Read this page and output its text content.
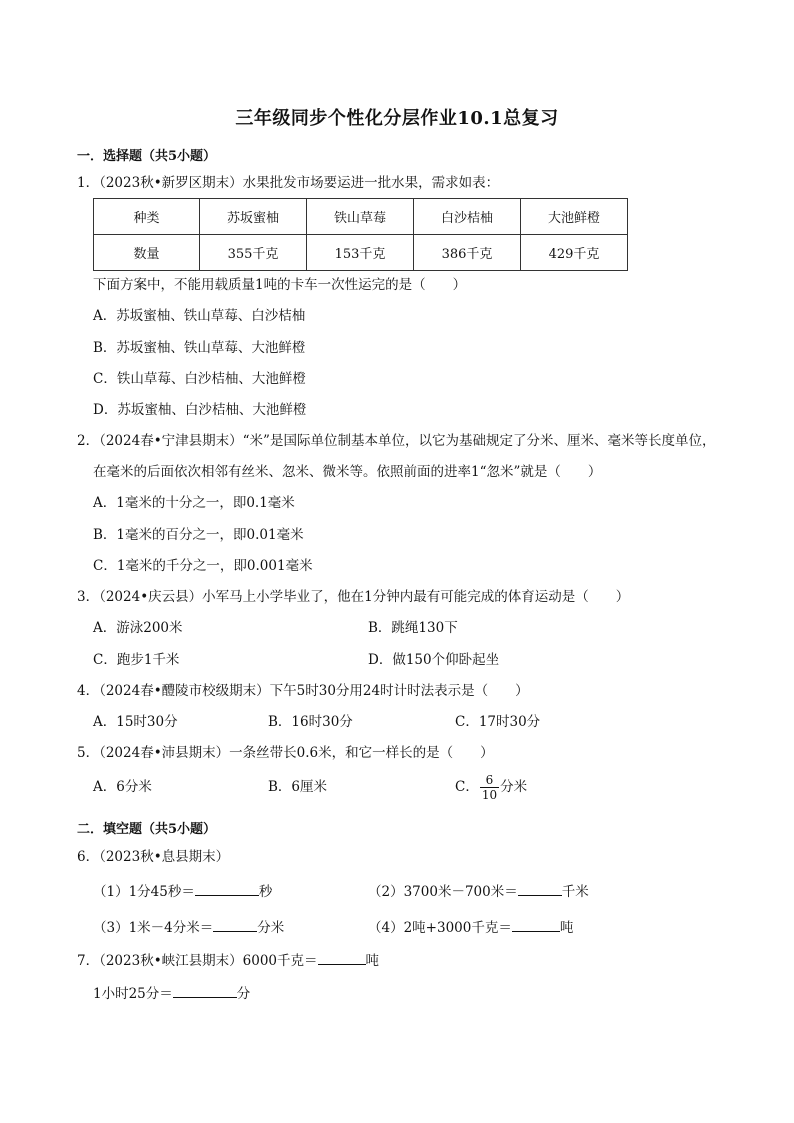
三年级同步个性化分层作业10.1总复习
一．选择题（共5小题）
1．（2023秋•新罗区期末）水果批发市场要运进一批水果，需求如表：
种类	苏坂蜜柚	铁山草莓	白沙桔柚	大池鲜橙
数量	355千克	153千克	386千克	429千克
下面方案中，不能用载质量1吨的卡车一次性运完的是（　　）
A．苏坂蜜柚、铁山草莓、白沙桔柚
B．苏坂蜜柚、铁山草莓、大池鲜橙
C．铁山草莓、白沙桔柚、大池鲜橙
D．苏坂蜜柚、白沙桔柚、大池鲜橙
2．（2024春•宁津县期末）“米”是国际单位制基本单位，以它为基础规定了分米、厘米、毫米等长度单位，
在毫米的后面依次相邻有丝米、忽米、微米等。依照前面的进率1“忽米”就是（　　）
A．1毫米的十分之一，即0.1毫米
B．1毫米的百分之一，即0.01毫米
C．1毫米的千分之一，即0.001毫米
3．（2024•庆云县）小军马上小学毕业了，他在1分钟内最有可能完成的体育运动是（　　）
A．游泳200米	B．跳绳130下
C．跑步1千米	D．做150个仰卧起坐
4．（2024春•醴陵市校级期末）下午5时30分用24时计时法表示是（　　）
A．15时30分	B．16时30分	C．17时30分
5．（2024春•沛县期末）一条丝带长0.6米，和它一样长的是（　　）
A．6分米	B．6厘米	C． $\frac{6}{10}$ 分米
二．填空题（共5小题）
6．（2023秋•息县期末）
（1）1分45秒＝	秒	（2）3700米－700米＝	千米
（3）1米－4分米＝	分米	（4）2吨+3000千克＝	吨
7．（2023秋•峡江县期末）6000千克＝	吨
1小时25分＝	分
